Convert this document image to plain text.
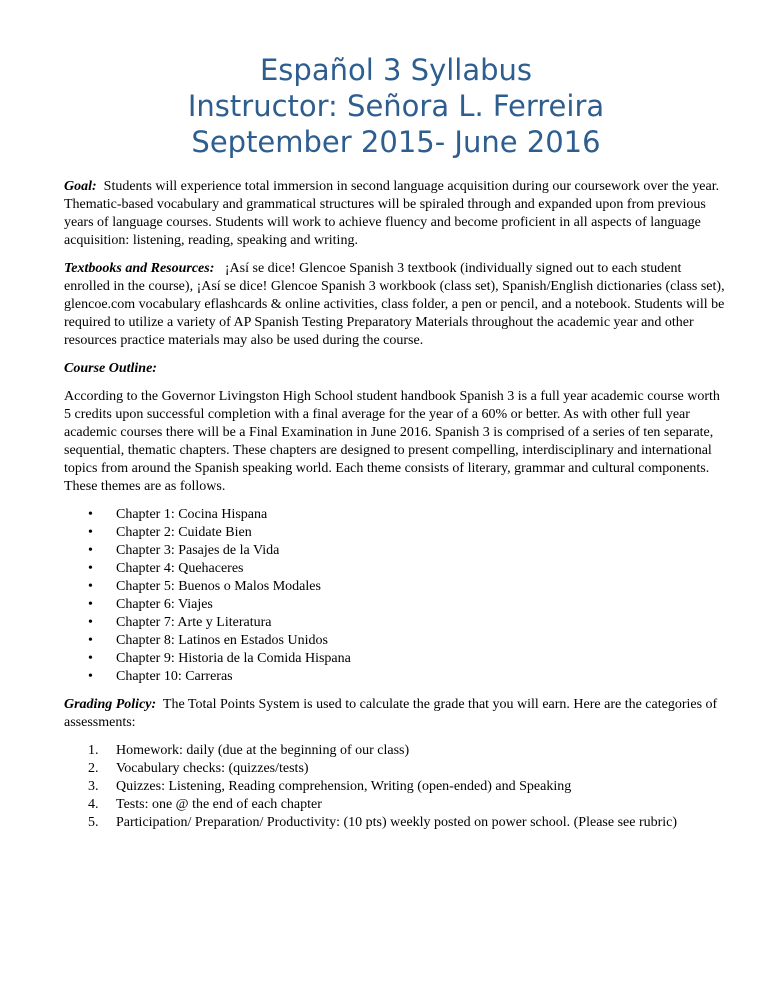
Español 3 Syllabus
Instructor: Señora L. Ferreira
September 2015- June 2016

Goal: Students will experience total immersion in second language acquisition during our coursework over the year. Thematic-based vocabulary and grammatical structures will be spiraled through and expanded upon from previous years of language courses. Students will work to achieve fluency and become proficient in all aspects of language acquisition: listening, reading, speaking and writing.

Textbooks and Resources: ¡Así se dice! Glencoe Spanish 3 textbook (individually signed out to each student enrolled in the course), ¡Así se dice! Glencoe Spanish 3 workbook (class set), Spanish/English dictionaries (class set), glencoe.com vocabulary eflashcards & online activities, class folder, a pen or pencil, and a notebook. Students will be required to utilize a variety of AP Spanish Testing Preparatory Materials throughout the academic year and other resources practice materials may also be used during the course.

Course Outline:

According to the Governor Livingston High School student handbook Spanish 3 is a full year academic course worth 5 credits upon successful completion with a final average for the year of a 60% or better. As with other full year academic courses there will be a Final Examination in June 2016. Spanish 3 is comprised of a series of ten separate, sequential, thematic chapters. These chapters are designed to present compelling, interdisciplinary and international topics from around the Spanish speaking world. Each theme consists of literary, grammar and cultural components. These themes are as follows.

• Chapter 1: Cocina Hispana
• Chapter 2: Cuidate Bien
• Chapter 3: Pasajes de la Vida
• Chapter 4: Quehaceres
• Chapter 5: Buenos o Malos Modales
• Chapter 6: Viajes
• Chapter 7: Arte y Literatura
• Chapter 8: Latinos en Estados Unidos
• Chapter 9: Historia de la Comida Hispana
• Chapter 10: Carreras

Grading Policy: The Total Points System is used to calculate the grade that you will earn. Here are the categories of assessments:

1. Homework: daily (due at the beginning of our class)
2. Vocabulary checks: (quizzes/tests)
3. Quizzes: Listening, Reading comprehension, Writing (open-ended) and Speaking
4. Tests: one @ the end of each chapter
5. Participation/ Preparation/ Productivity: (10 pts) weekly posted on power school. (Please see rubric)
